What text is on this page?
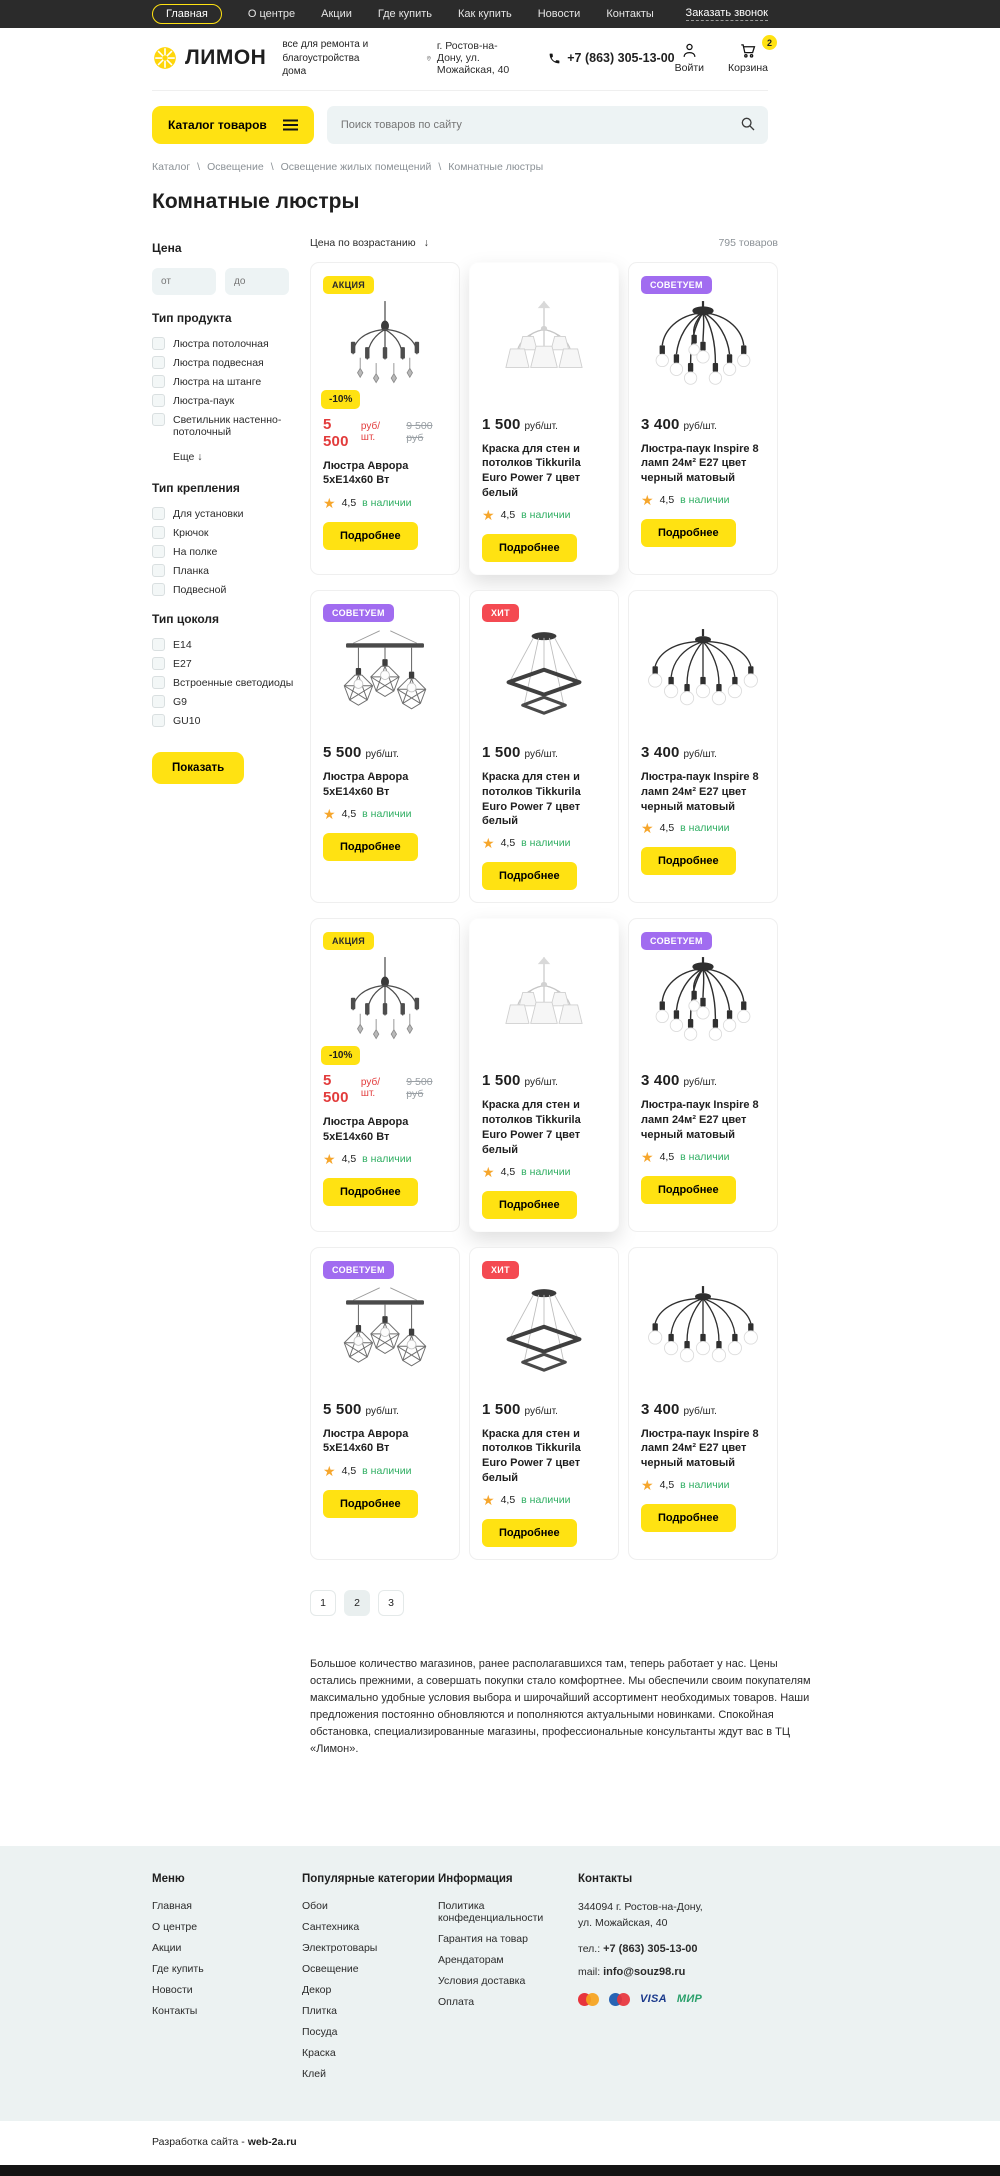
Главная	О центре Акции Где купить Как купить Новости Контакты	Заказать звонок
ЛИМОН
все для ремонта и благоустройства дома
г. Ростов-на-Дону, ул. Можайская, 40
+7 (863) 305-13-00
Войти
2
Корзина
Каталог товаров
Поиск товаров по сайту
Каталог \ Освещение \ Освещение жилых помещений \ Комнатные люстры
Комнатные люстры
Цена
от
до
Тип продукта
Люстра потолочная
Люстра подвесная
Люстра на штанге
Люстра-паук
Светильник настенно-потолочный
Еще ↓
Тип крепления
Для установки
Крючок
На полке
Планка
Подвесной
Тип цоколя
Е14
Е27
Встроенные светодиоды
G9
GU10
Показать
Цена по возрастанию ↓	795 товаров
АКЦИЯ
-10%
5 500
руб/шт.
9 500 руб
Люстра Аврора 5хЕ14х60 Вт
★ 4,5 в наличии
Подробнее
1 500 руб/шт.
Краска для стен и потолков Tikkurila Euro Power 7 цвет белый
★ 4,5 в наличии
Подробнее
СОВЕТУЕМ
3 400 руб/шт.
Люстра-паук Inspire 8 ламп 24м² Е27 цвет черный матовый
★ 4,5 в наличии
Подробнее
СОВЕТУЕМ
5 500 руб/шт.
Люстра Аврора 5хЕ14х60 Вт
★ 4,5 в наличии
Подробнее
ХИТ
1 500 руб/шт.
Краска для стен и потолков Tikkurila Euro Power 7 цвет белый
★ 4,5 в наличии
Подробнее
3 400 руб/шт.
Люстра-паук Inspire 8 ламп 24м² Е27 цвет черный матовый
★ 4,5 в наличии
Подробнее
АКЦИЯ
-10%
5 500
руб/шт.
9 500 руб
Люстра Аврора 5хЕ14х60 Вт
★ 4,5 в наличии
Подробнее
1 500 руб/шт.
Краска для стен и потолков Tikkurila Euro Power 7 цвет белый
★ 4,5 в наличии
Подробнее
СОВЕТУЕМ
3 400 руб/шт.
Люстра-паук Inspire 8 ламп 24м² Е27 цвет черный матовый
★ 4,5 в наличии
Подробнее
СОВЕТУЕМ
5 500 руб/шт.
Люстра Аврора 5хЕ14х60 Вт
★ 4,5 в наличии
Подробнее
ХИТ
1 500 руб/шт.
Краска для стен и потолков Tikkurila Euro Power 7 цвет белый
★ 4,5 в наличии
Подробнее
3 400 руб/шт.
Люстра-паук Inspire 8 ламп 24м² Е27 цвет черный матовый
★ 4,5 в наличии
Подробнее
1	2	3

Большое количество магазинов, ранее располагавшихся там, теперь работает у нас. Цены остались прежними, а совершать покупки стало комфортнее. Мы обеспечили своим покупателям максимально удобные условия выбора и широчайший ассортимент необходимых товаров. Наши предложения постоянно обновляются и пополняются актуальными новинками. Спокойная обстановка, специализированные магазины, профессиональные консультанты ждут вас в ТЦ «Лимон».

Меню
Главная
О центре
Акции
Где купить
Новости
Контакты
Популярные категории
Обои
Сантехника
Электротовары
Освещение
Декор
Плитка
Посуда
Краска
Клей
Информация
Политика конфеденциальности
Гарантия на товар
Арендаторам
Условия доставка
Оплата
Контакты
344094 г. Ростов-на-Дону,
ул. Можайская, 40
тел.: +7 (863) 305-13-00
mail: info@souz98.ru
VISA МИР
Разработка сайта - web-2a.ru
